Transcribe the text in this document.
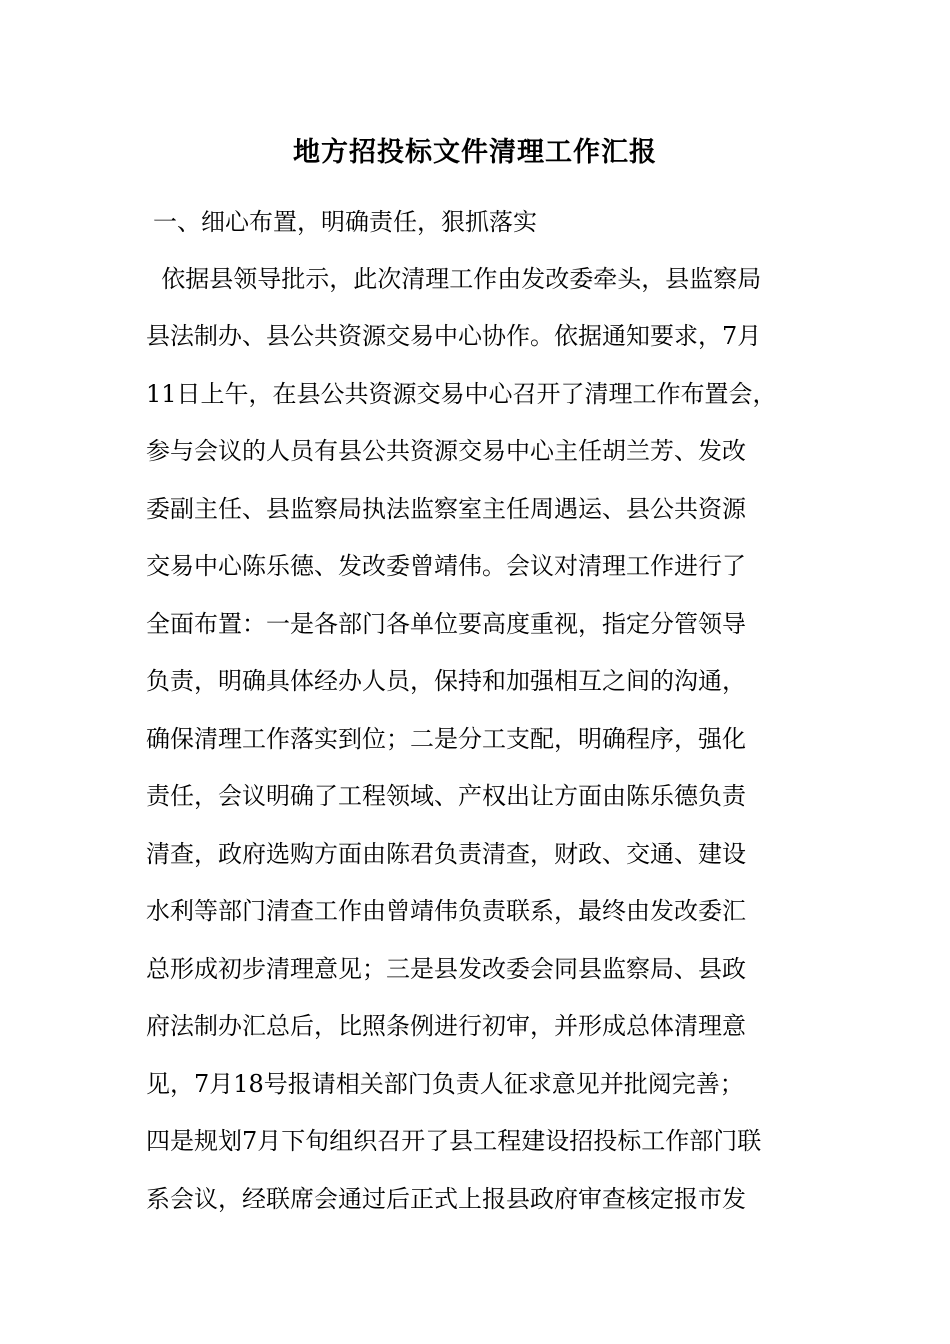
地方招投标文件清理工作汇报

一、细心布置，明确责任，狠抓落实

依据县领导批示，此次清理工作由发改委牵头，县监察局

县法制办、县公共资源交易中心协作。依据通知要求，7月

11日上午，在县公共资源交易中心召开了清理工作布置会，

参与会议的人员有县公共资源交易中心主任胡兰芳、发改

委副主任、县监察局执法监察室主任周遇运、县公共资源

交易中心陈乐德、发改委曾靖伟。会议对清理工作进行了

全面布置：一是各部门各单位要高度重视，指定分管领导

负责，明确具体经办人员，保持和加强相互之间的沟通，

确保清理工作落实到位；二是分工支配，明确程序，强化

责任，会议明确了工程领域、产权出让方面由陈乐德负责

清查，政府选购方面由陈君负责清查，财政、交通、建设

水利等部门清查工作由曾靖伟负责联系，最终由发改委汇

总形成初步清理意见；三是县发改委会同县监察局、县政

府法制办汇总后，比照条例进行初审，并形成总体清理意

见，7月18号报请相关部门负责人征求意见并批阅完善；

四是规划7月下旬组织召开了县工程建设招投标工作部门联

系会议，经联席会通过后正式上报县政府审查核定报市发
